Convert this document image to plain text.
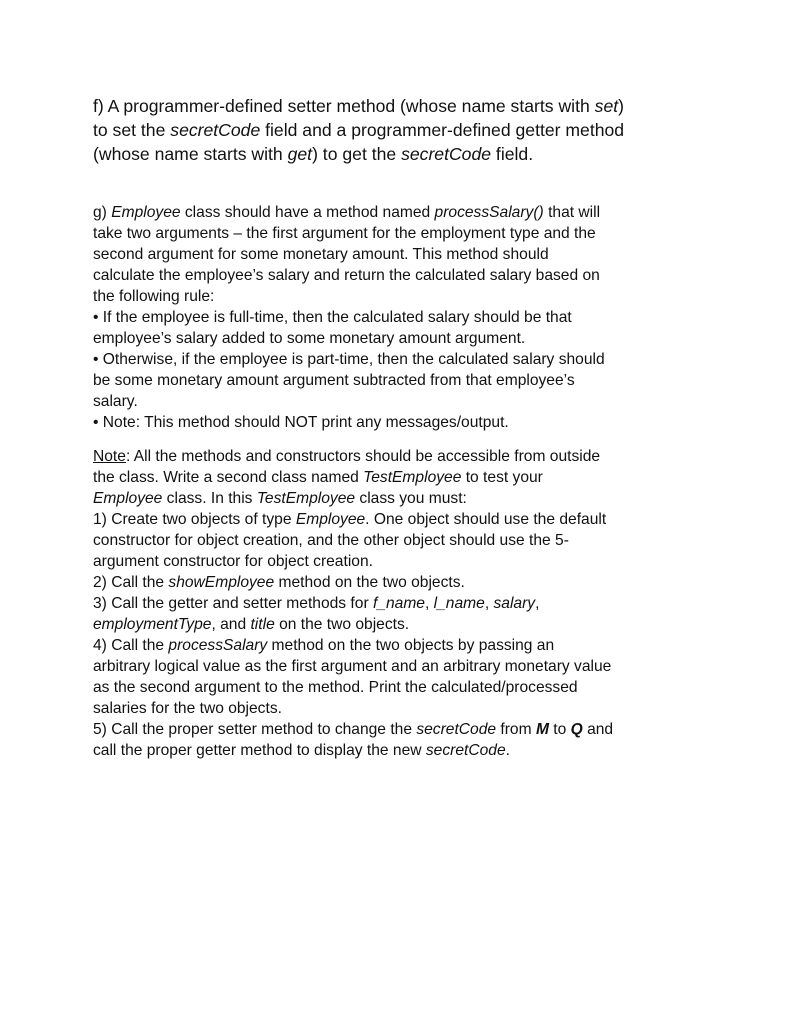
f) A programmer-defined setter method (whose name starts with set)
to set the secretCode field and a programmer-defined getter method
(whose name starts with get) to get the secretCode field.
g) Employee class should have a method named processSalary() that will
take two arguments – the first argument for the employment type and the
second argument for some monetary amount. This method should
calculate the employee’s salary and return the calculated salary based on
the following rule:
• If the employee is full-time, then the calculated salary should be that
employee’s salary added to some monetary amount argument.
• Otherwise, if the employee is part-time, then the calculated salary should
be some monetary amount argument subtracted from that employee’s
salary.
• Note: This method should NOT print any messages/output.
Note: All the methods and constructors should be accessible from outside
the class. Write a second class named TestEmployee to test your
Employee class. In this TestEmployee class you must:
1) Create two objects of type Employee. One object should use the default
constructor for object creation, and the other object should use the 5-
argument constructor for object creation.
2) Call the showEmployee method on the two objects.
3) Call the getter and setter methods for f_name, l_name, salary,
employmentType, and title on the two objects.
4) Call the processSalary method on the two objects by passing an
arbitrary logical value as the first argument and an arbitrary monetary value
as the second argument to the method. Print the calculated/processed
salaries for the two objects.
5) Call the proper setter method to change the secretCode from M to Q and
call the proper getter method to display the new secretCode.
